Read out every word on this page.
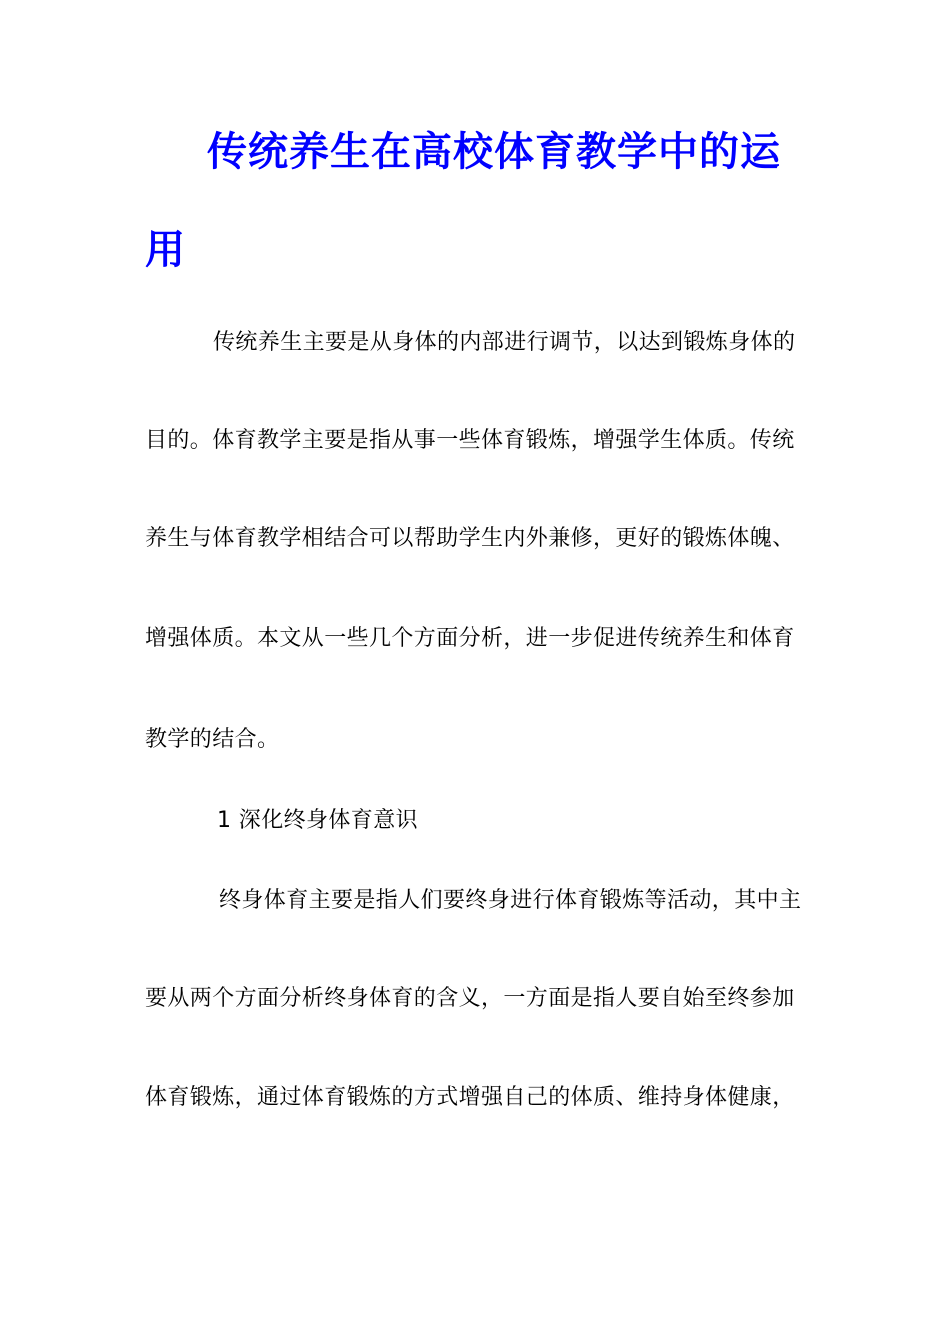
传统养生在高校体育教学中的运
用
传统养生主要是从身体的内部进行调节，以达到锻炼身体的
目的。体育教学主要是指从事一些体育锻炼，增强学生体质。传统
养生与体育教学相结合可以帮助学生内外兼修，更好的锻炼体魄、
增强体质。本文从一些几个方面分析，进一步促进传统养生和体育
教学的结合。
1 深化终身体育意识
终身体育主要是指人们要终身进行体育锻炼等活动，其中主
要从两个方面分析终身体育的含义，一方面是指人要自始至终参加
体育锻炼，通过体育锻炼的方式增强自己的体质、维持身体健康，
